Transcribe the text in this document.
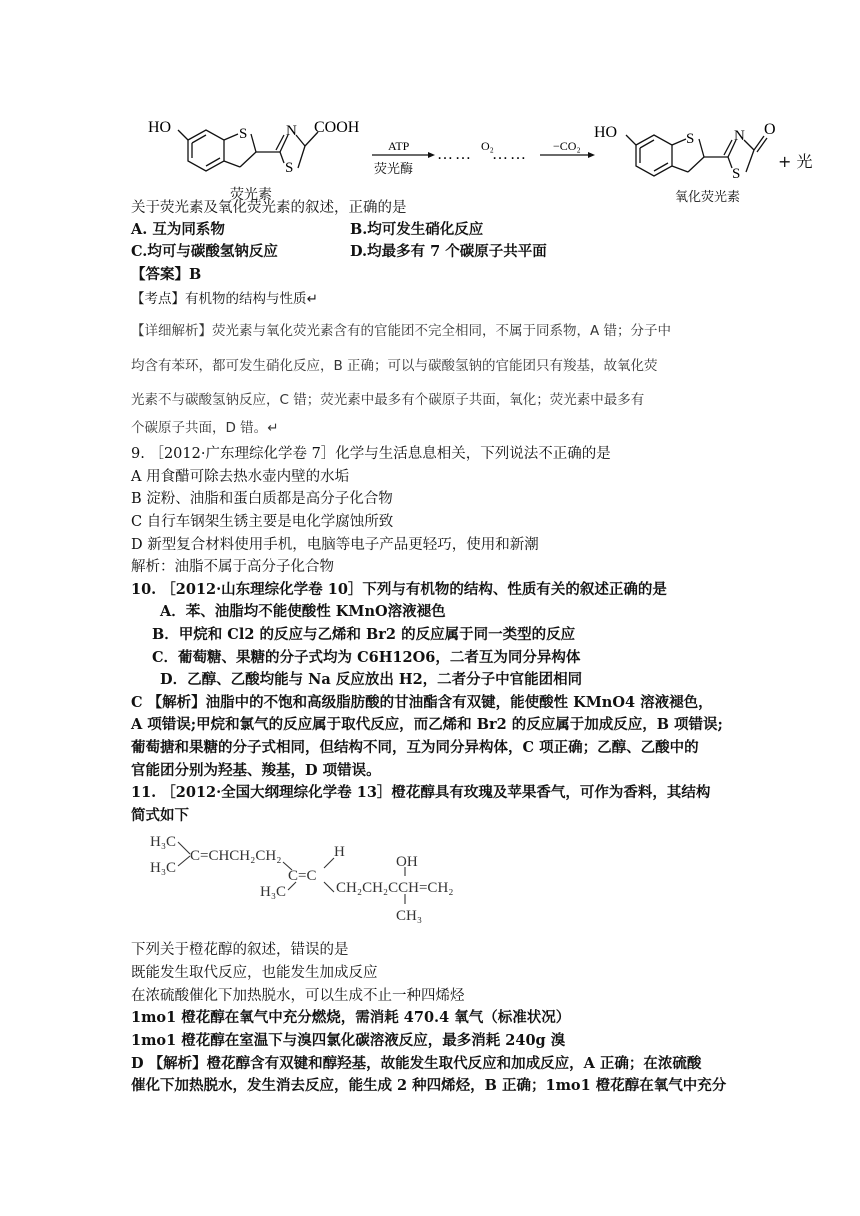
…… ……
HO	S	N COOH
S
HO	S	N O
S
ATP	O₂	−CO₂
荧光酶
荧光素	氧化荧光素
+ 光
关于荧光素及氧化荧光素的叙述，正确的是
A. 互为同系物	B.均可发生硝化反应
C.均可与碳酸氢钠反应	D.均最多有 7 个碳原子共平面
【答案】B
【考点】有机物的结构与性质↵
【详细解析】荧光素与氧化荧光素含有的官能团不完全相同，不属于同系物，A 错；分子中
均含有苯环，都可发生硝化反应，B 正确；可以与碳酸氢钠的官能团只有羧基，故氧化荧
光素不与碳酸氢钠反应，C 错；荧光素中最多有个碳原子共面，氧化；荧光素中最多有
个碳原子共面，D 错。↵
9. ［2012·广东理综化学卷 7］化学与生活息息相关，下列说法不正确的是
A 用食醋可除去热水壶内壁的水垢
B 淀粉、油脂和蛋白质都是高分子化合物
C 自行车钢架生锈主要是电化学腐蚀所致
D 新型复合材料使用手机，电脑等电子产品更轻巧，使用和新潮
解析：油脂不属于高分子化合物
10. ［2012·山东理综化学卷 10］下列与有机物的结构、性质有关的叙述正确的是
A．苯、油脂均不能使酸性 KMnO溶液褪色
B．甲烷和 Cl2 的反应与乙烯和 Br2 的反应属于同一类型的反应
C．葡萄糖、果糖的分子式均为 C6H12O6，二者互为同分异构体
D．乙醇、乙酸均能与 Na 反应放出 H2，二者分子中官能团相同
C 【解析】油脂中的不饱和高级脂肪酸的甘油酯含有双键，能使酸性 KMnO4 溶液褪色，
A 项错误;甲烷和氯气的反应属于取代反应，而乙烯和 Br2 的反应属于加成反应，B 项错误;
葡萄搪和果糖的分子式相同，但结构不同，互为同分异构体，C 项正确；乙醇、乙酸中的
官能团分别为羟基、羧基，D 项错误。
11. ［2012·全国大纲理综化学卷 13］橙花醇具有玫瑰及苹果香气，可作为香料，其结构
简式如下
H₃C
H₃C
C=CHCH₂CH₂
C=C
H₃C
H
OH
CH₂CH₂CCH=CH₂
CH₃
下列关于橙花醇的叙述，错误的是
既能发生取代反应，也能发生加成反应
在浓硫酸催化下加热脱水，可以生成不止一种四烯烃
1mo1 橙花醇在氧气中充分燃烧，需消耗 470.4 氧气（标准状况）
1mo1 橙花醇在室温下与溴四氯化碳溶液反应，最多消耗 240g 溴
D 【解析】橙花醇含有双键和醇羟基，故能发生取代反应和加成反应，A 正确；在浓硫酸
催化下加热脱水，发生消去反应，能生成 2 种四烯烃，B 正确；1mo1 橙花醇在氧气中充分
